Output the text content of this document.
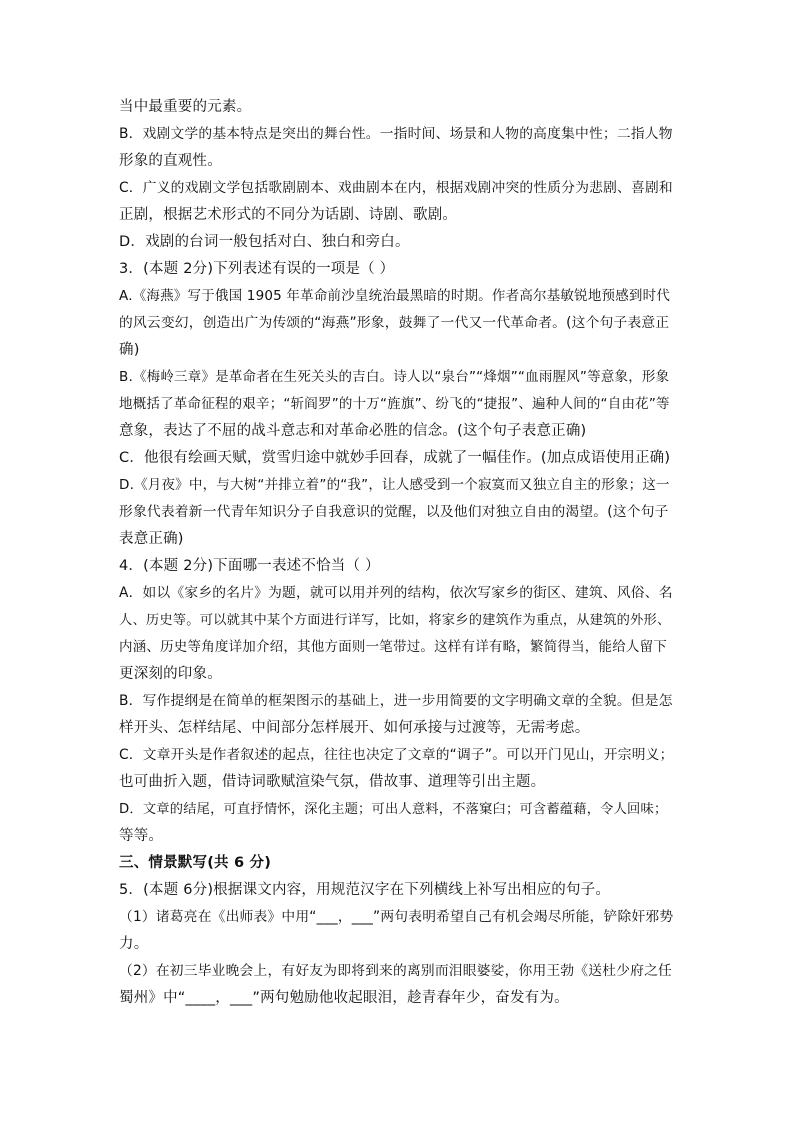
当中最重要的元素。
B．戏剧文学的基本特点是突出的舞台性。一指时间、场景和人物的高度集中性；二指人物
形象的直观性。
C．广义的戏剧文学包括歌剧剧本、戏曲剧本在内，根据戏剧冲突的性质分为悲剧、喜剧和
正剧，根据艺术形式的不同分为话剧、诗剧、歌剧。
D．戏剧的台词一般包括对白、独白和旁白。
3．(本题 2分)下列表述有误的一项是（ ）
A.《海燕》写于俄国 1905 年革命前沙皇统治最黑暗的时期。作者高尔基敏锐地预感到时代
的风云变幻，创造出广为传颂的“海燕”形象，鼓舞了一代又一代革命者。(这个句子表意正
确)
B.《梅岭三章》是革命者在生死关头的吉白。诗人以“泉台”“烽烟”“血雨腥风”等意象，形象
地概括了革命征程的艰辛；“斩阎罗”的十万“旌旗”、纷飞的“捷报”、遍种人间的“自由花”等
意象，表达了不屈的战斗意志和对革命必胜的信念。(这个句子表意正确)
C．他很有绘画天赋，赏雪归途中就妙手回春，成就了一幅佳作。(加点成语使用正确)
D.《月夜》中，与大树“并排立着”的“我”，让人感受到一个寂寞而又独立自主的形象；这一
形象代表着新一代青年知识分子自我意识的觉醒，以及他们对独立自由的渴望。(这个句子
表意正确)
4．(本题 2分)下面哪一表述不恰当（ ）
A．如以《家乡的名片》为题，就可以用并列的结构，依次写家乡的街区、建筑、风俗、名
人、历史等。可以就其中某个方面进行详写，比如，将家乡的建筑作为重点，从建筑的外形、
内涵、历史等角度详加介绍，其他方面则一笔带过。这样有详有略，繁简得当，能给人留下
更深刻的印象。
B．写作提纲是在简单的框架图示的基础上，进一步用简要的文字明确文章的全貌。但是怎
样开头、怎样结尾、中间部分怎样展开、如何承接与过渡等，无需考虑。
C．文章开头是作者叙述的起点，往往也决定了文章的“调子”。可以开门见山，开宗明义；
也可曲折入题，借诗词歌赋渲染气氛，借故事、道理等引出主题。
D．文章的结尾，可直抒情怀，深化主题；可出人意料，不落窠臼；可含蓄蕴藉，令人回味；
等等。
三、情景默写(共 6 分)
5．(本题 6分)根据课文内容，用规范汉字在下列横线上补写出相应的句子。
（1）诸葛亮在《出师表》中用“___，___”两句表明希望自己有机会竭尽所能，铲除奸邪势
力。
（2）在初三毕业晚会上，有好友为即将到来的离别而泪眼婆娑，你用王勃《送杜少府之任
蜀州》中“____，___”两句勉励他收起眼泪，趁青春年少，奋发有为。
